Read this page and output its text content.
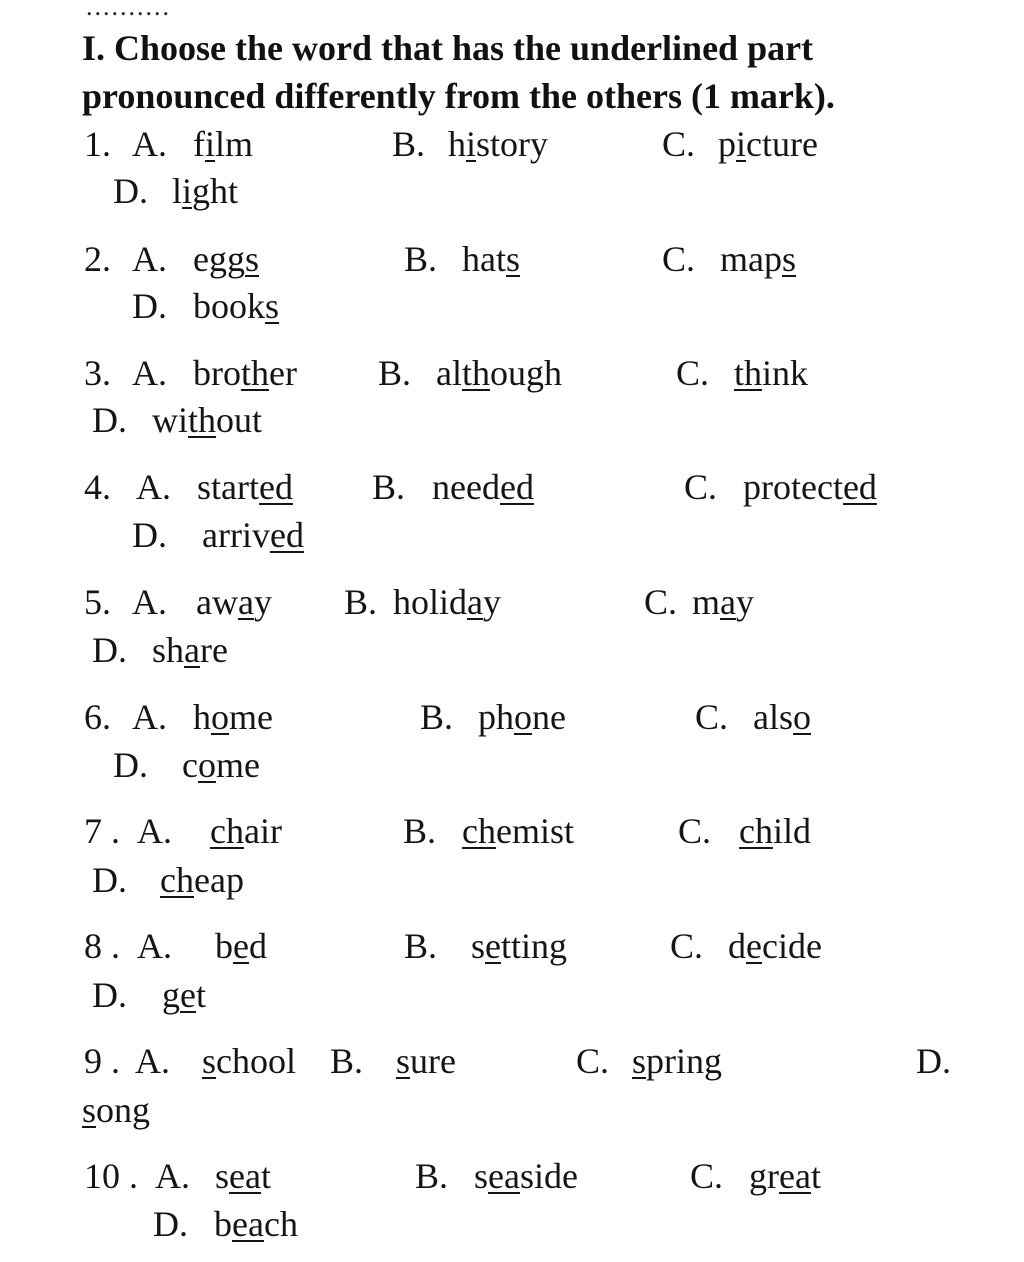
..........
I. Choose the word that has the underlined part
pronounced differently from the others (1 mark).
1. A. film	B. history	C. picture
D. light
2. A. eggs	B. hats	C. maps
D. books
3. A. brother B. although	C. think
D. without
4. A. started B. needed	C. protected
D. arrived
5. A. away B. holiday	C. may
D. share
6. A. home	B. phone	C. also
D. come
7 . A. chair	B. chemist	C. child
D. cheap
8 . A. bed	B. setting	C. decide
D. get
9 . A. school B. sure	C. spring	D.
song
10 . A. seat	B. seaside	C. great
D. beach
